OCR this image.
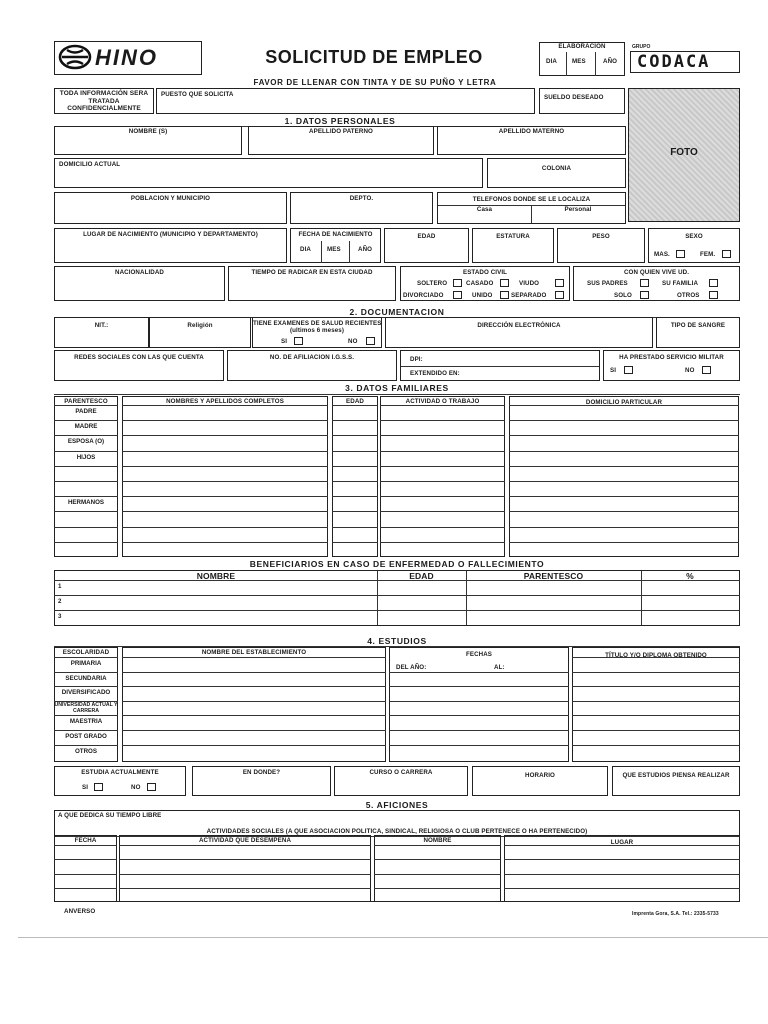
HINO	SOLICITUD DE EMPLEO
ELABORACION
DIA MES	AÑO
GRUPO
CODACA
FAVOR DE LLENAR CON TINTA Y DE SU PUÑO Y LETRA
TODA INFORMACIÓN SERA TRATADA CONFIDENCIALMENTE
PUESTO QUE SOLICITA	SUELDO DESEADO
FOTO
1. DATOS PERSONALES
NOMBRE (S)	APELLIDO PATERNO	APELLIDO MATERNO
DOMICILIO ACTUAL
COLONIA
POBLACION Y MUNICIPIO	DEPTO.	TELEFONOS DONDE SE LE LOCALIZA
Casa	Personal
LUGAR DE NACIMIENTO (MUNICIPIO Y DEPARTAMENTO)	FECHA DE NACIMIENTO
DIA	MES	AÑO
EDAD	ESTATURA	PESO	SEXO
MAS.	FEM.
NACIONALIDAD	TIEMPO DE RADICAR EN ESTA CIUDAD	ESTADO CIVIL
SOLTERO	CASADO	VIUDO
DIVORCIADO	UNIDO	SEPARADO
CON QUIEN VIVE UD.
SUS PADRES	SU FAMILIA
SOLO	OTROS
2. DOCUMENTACION
NIT.:	Religión	TIENE EXAMENES DE SALUD RECIENTES
(ultimos 6 meses)
SI	NO
DIRECCIÓN ELECTRÓNICA	TIPO DE SANGRE
REDES SOCIALES CON LAS QUE CUENTA	NO. DE AFILIACION I.G.S.S.	DPI:
EXTENDIDO EN:
HA PRESTADO SERVICIO MILITAR
SI	NO
3. DATOS FAMILIARES
PARENTESCO	NOMBRES Y APELLIDOS COMPLETOS	EDAD	ACTIVIDAD O TRABAJO	DOMICILIO PARTICULAR
PADRE
MADRE
ESPOSA (O)
HIJOS
HERMANOS
BENEFICIARIOS EN CASO DE ENFERMEDAD O FALLECIMIENTO
NOMBRE	EDAD	PARENTESCO	%
1
2
3
4. ESTUDIOS
ESCOLARIDAD	NOMBRE DEL ESTABLECIMIENTO	FECHAS
DEL AÑO:	AL:
TÍTULO Y/O DIPLOMA OBTENIDO
PRIMARIA
SECUNDARIA
DIVERSIFICADO
UNIVERSIDAD ACTUAL Y CARRERA
MAESTRIA
POST GRADO
OTROS
ESTUDIA ACTUALMENTE
SI	NO
EN DONDE?	CURSO O CARRERA	HORARIO	QUE ESTUDIOS PIENSA REALIZAR
5. AFICIONES
A QUE DEDICA SU TIEMPO LIBRE
ACTIVIDADES SOCIALES (A QUE ASOCIACION POLITICA, SINDICAL, RELIGIOSA O CLUB PERTENECE O HA PERTENECIDO)
FECHA	ACTIVIDAD QUE DESEMPEÑA	NOMBRE	LUGAR
ANVERSO	Imprenta Gora, S.A. Tel.: 2335-5733
